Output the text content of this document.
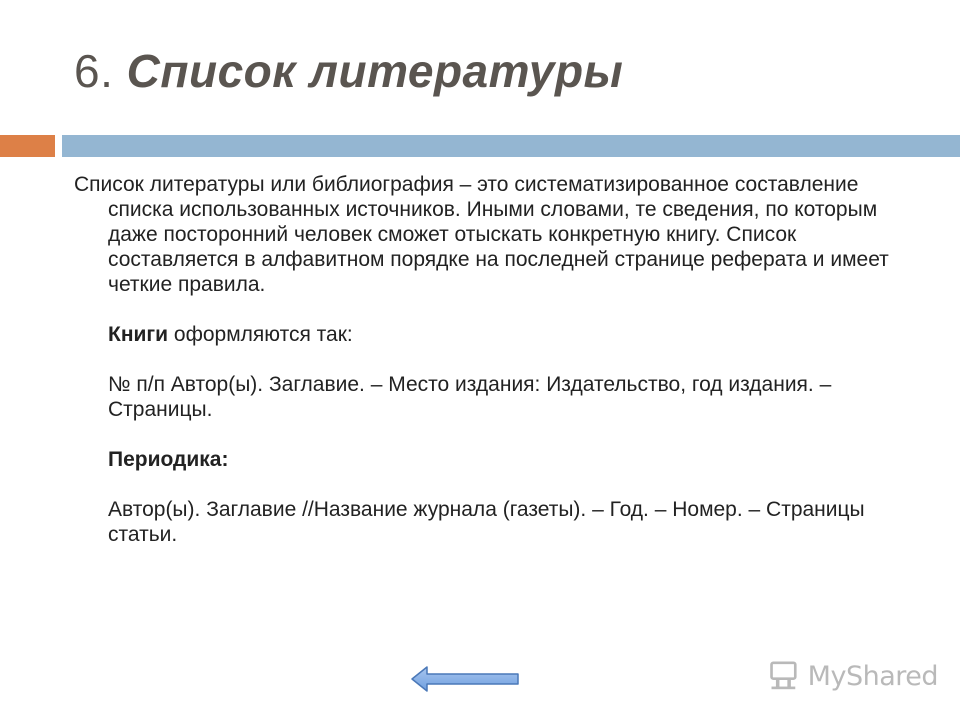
6. Список литературы

Список литературы или библиография – это систематизированное составление списка использованных источников. Иными словами, те сведения, по которым даже посторонний человек сможет отыскать конкретную книгу. Список составляется в алфавитном порядке на последней странице реферата и имеет четкие правила.

Книги оформляются так:

№ п/п Автор(ы). Заглавие. – Место издания: Издательство, год издания. – Страницы.

Периодика:

Автор(ы). Заглавие //Название журнала (газеты). – Год. – Номер. – Страницы статьи.

MyShared
